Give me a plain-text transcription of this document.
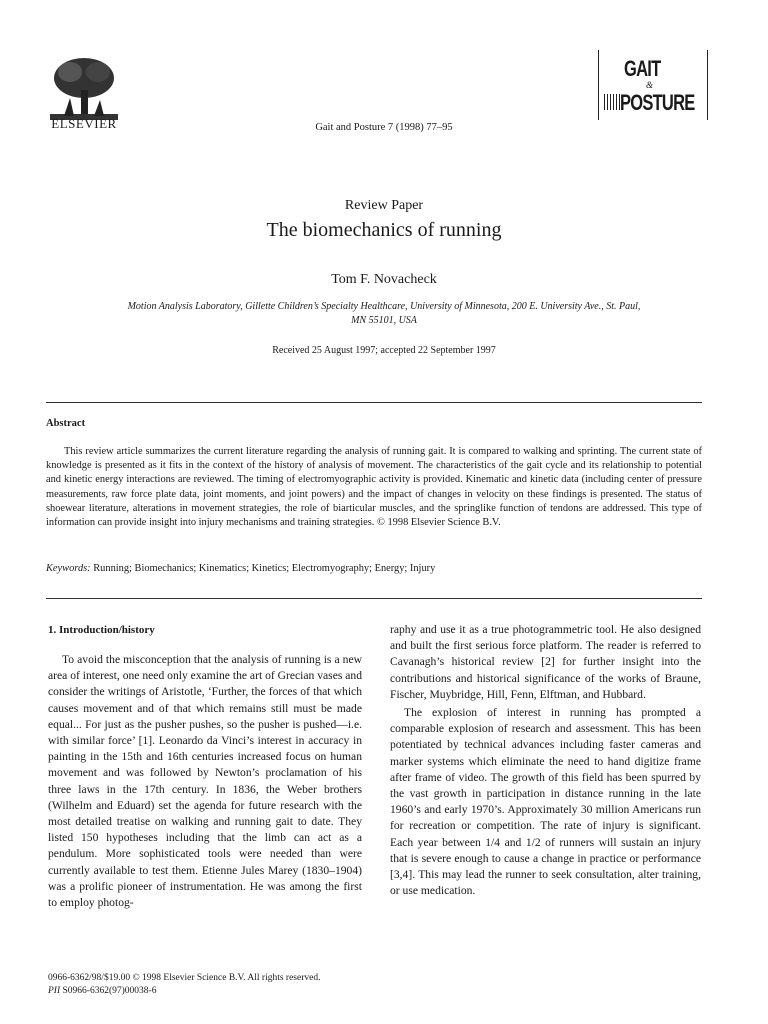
ELSEVIER	Gait and Posture 7 (1998) 77–95
GAIT
&
POSTURE
Review Paper
The biomechanics of running
Tom F. Novacheck
Motion Analysis Laboratory, Gillette Children’s Specialty Healthcare, University of Minnesota, 200 E. University Ave., St. Paul,
MN 55101, USA
Received 25 August 1997; accepted 22 September 1997
Abstract
This review article summarizes the current literature regarding the analysis of running gait. It is compared to walking and sprinting. The current state of knowledge is presented as it fits in the context of the history of analysis of movement. The characteristics of the gait cycle and its relationship to potential and kinetic energy interactions are reviewed. The timing of electromyographic activity is provided. Kinematic and kinetic data (including center of pressure measurements, raw force plate data, joint moments, and joint powers) and the impact of changes in velocity on these findings is presented. The status of shoewear literature, alterations in movement strategies, the role of biarticular muscles, and the springlike function of tendons are addressed. This type of information can provide insight into injury mechanisms and training strategies. © 1998 Elsevier Science B.V.
Keywords: Running; Biomechanics; Kinematics; Kinetics; Electromyography; Energy; Injury
1. Introduction/history
To avoid the misconception that the analysis of running is a new area of interest, one need only examine the art of Grecian vases and consider the writings of Aristotle, ‘Further, the forces of that which causes movement and of that which remains still must be made equal... For just as the pusher pushes, so the pusher is pushed—i.e. with similar force’ [1]. Leonardo da Vinci’s interest in accuracy in painting in the 15th and 16th centuries increased focus on human movement and was followed by Newton’s proclamation of his three laws in the 17th century. In 1836, the Weber brothers (Wilhelm and Eduard) set the agenda for future research with the most detailed treatise on walking and running gait to date. They listed 150 hypotheses including that the limb can act as a pendulum. More sophisticated tools were needed than were currently available to test them. Etienne Jules Marey (1830–1904) was a prolific pioneer of instrumentation. He was among the first to employ photog-

raphy and use it as a true photogrammetric tool. He also designed and built the first serious force platform. The reader is referred to Cavanagh’s historical review [2] for further insight into the contributions and historical significance of the works of Braune, Fischer, Muybridge, Hill, Fenn, Elftman, and Hubbard.

The explosion of interest in running has prompted a comparable explosion of research and assessment. This has been potentiated by technical advances including faster cameras and marker systems which eliminate the need to hand digitize frame after frame of video. The growth of this field has been spurred by the vast growth in participation in distance running in the late 1960’s and early 1970’s. Approximately 30 million Americans run for recreation or competition. The rate of injury is significant. Each year between 1/4 and 1/2 of runners will sustain an injury that is severe enough to cause a change in practice or performance [3,4]. This may lead the runner to seek consultation, alter training, or use medication.

0966-6362/98/$19.00 © 1998 Elsevier Science B.V. All rights reserved.
PII S0966-6362(97)00038-6
